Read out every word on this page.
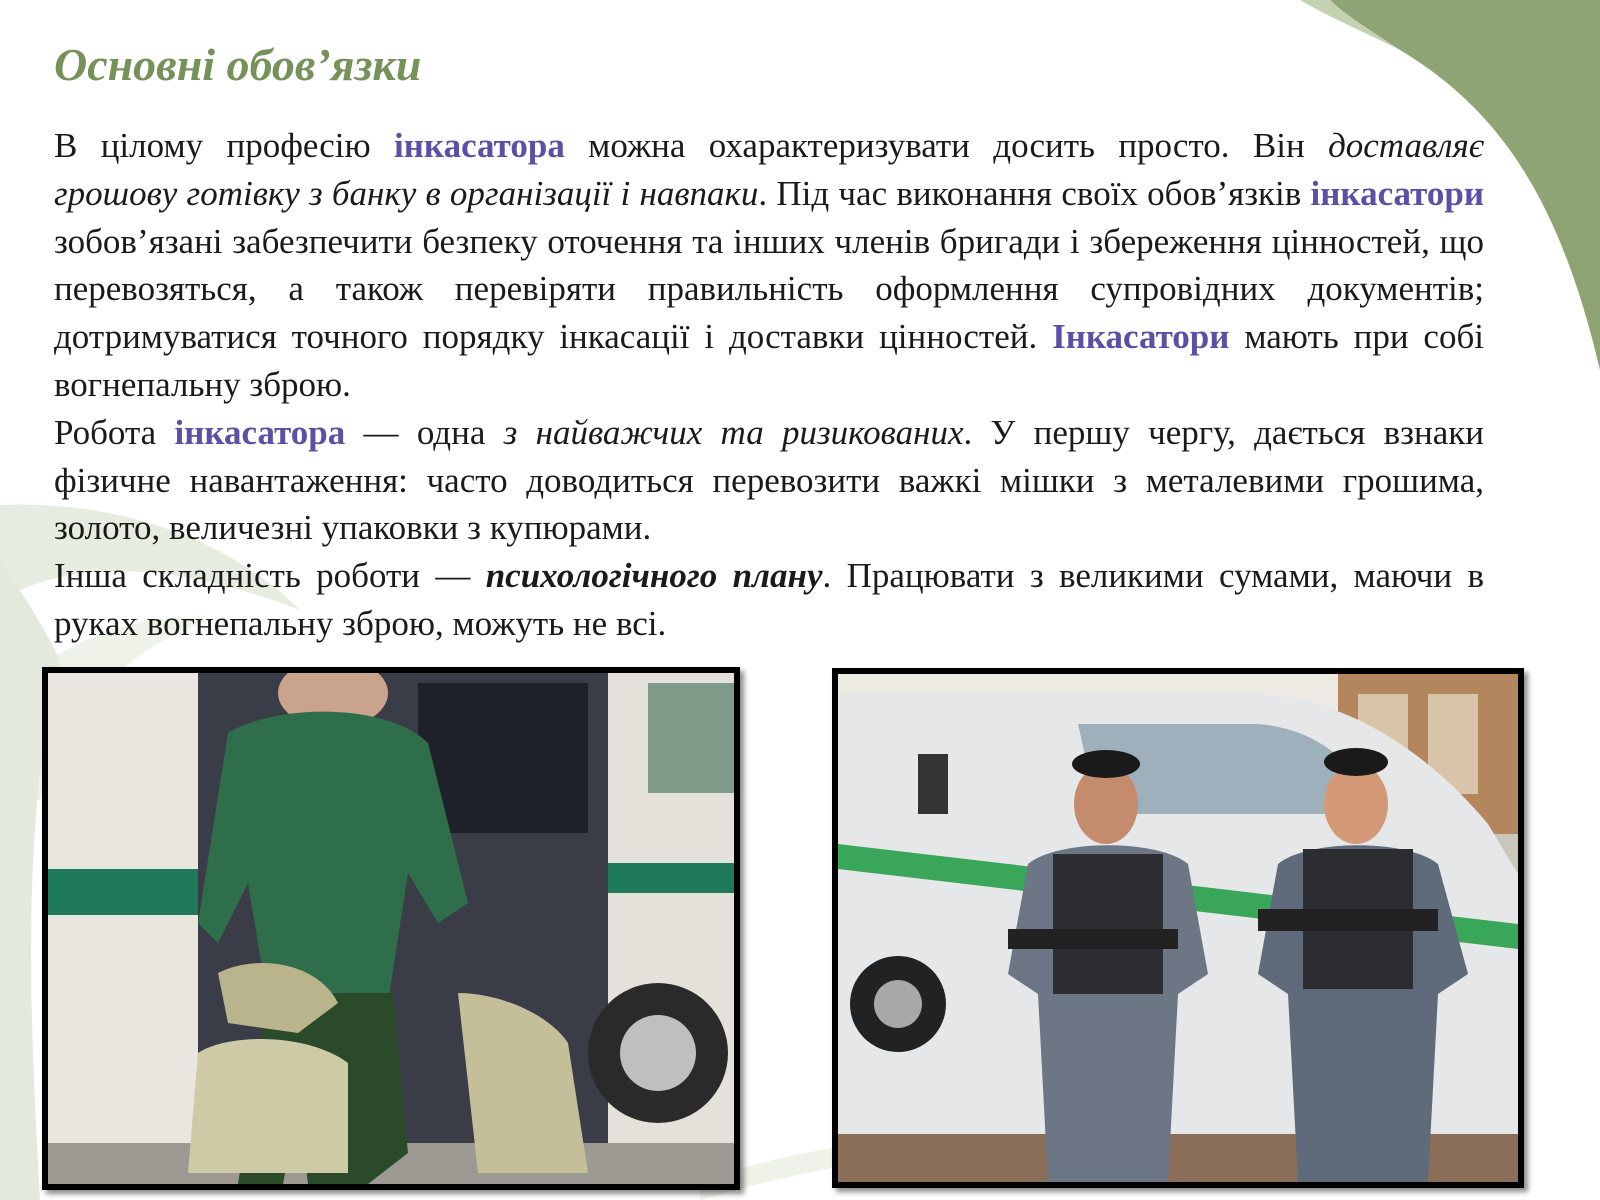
Основні обов’язки

В цілому професію інкасатора можна охарактеризувати досить просто. Він доставляє грошову готівку з банку в організації і навпаки. Під час виконання своїх обов’язків інкасатори зобов’язані забезпечити безпеку оточення та інших членів бригади і збереження цінностей, що перевозяться, а також перевіряти правильність оформлення супровідних документів; дотримуватися точного порядку інкасації і доставки цінностей. Інкасатори мають при собі вогнепальну зброю.

Робота інкасатора — одна з найважчих та ризикованих. У першу чергу, дається взнаки фізичне навантаження: часто доводиться перевозити важкі мішки з металевими грошима, золото, величезні упаковки з купюрами.

Інша складність роботи — психологічного плану. Працювати з великими сумами, маючи в руках вогнепальну зброю, можуть не всі.
